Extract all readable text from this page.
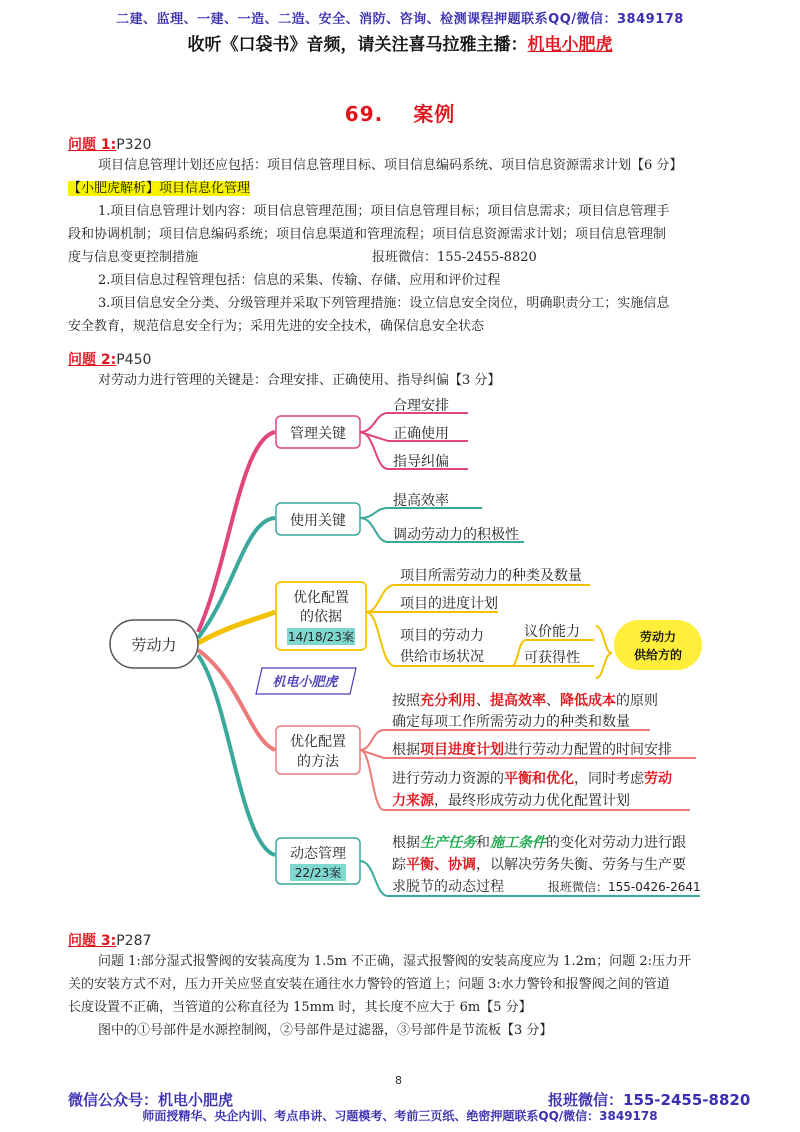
二建、监理、一建、一造、二造、安全、消防、咨询、检测课程押题联系QQ/微信：3849178
收听《口袋书》音频，请关注喜马拉雅主播：机电小肥虎
69. 案例
问题 1:P320
项目信息管理计划还应包括：项目信息管理目标、项目信息编码系统、项目信息资源需求计划【6 分】
【小肥虎解析】项目信息化管理
1.项目信息管理计划内容：项目信息管理范围；项目信息管理目标；项目信息需求；项目信息管理手
段和协调机制；项目信息编码系统；项目信息渠道和管理流程；项目信息资源需求计划；项目信息管理制
度与信息变更控制措施	报班微信：155-2455-8820
2.项目信息过程管理包括：信息的采集、传输、存储、应用和评价过程
3.项目信息安全分类、分级管理并采取下列管理措施：设立信息安全岗位，明确职责分工；实施信息
安全教育，规范信息安全行为；采用先进的安全技术，确保信息安全状态
问题 2:P450
对劳动力进行管理的关键是：合理安排、正确使用、指导纠偏【3 分】
劳动力
管理关键
合理安排
正确使用
指导纠偏
使用关键
提高效率
调动劳动力的积极性
优化配置
的依据
14/18/23案
项目所需劳动力的种类及数量
项目的进度计划
项目的劳动力
供给市场状况
议价能力
可获得性
劳动力
供给方的
机电小肥虎
优化配置
的方法
按照充分利用、提高效率、降低成本的原则
确定每项工作所需劳动力的种类和数量
根据项目进度计划进行劳动力配置的时间安排
进行劳动力资源的平衡和优化，同时考虑劳动
力来源，最终形成劳动力优化配置计划
动态管理
22/23案
根据生产任务和施工条件的变化对劳动力进行跟
踪平衡、协调，以解决劳务失衡、劳务与生产要
求脱节的动态过程	报班微信：155-0426-2641
问题 3:P287
问题 1:部分湿式报警阀的安装高度为 1.5m 不正确，湿式报警阀的安装高度应为 1.2m；问题 2:压力开
关的安装方式不对，压力开关应竖直安装在通往水力警铃的管道上；问题 3:水力警铃和报警阀之间的管道
长度设置不正确，当管道的公称直径为 15mm 时，其长度不应大于 6m【5 分】
图中的①号部件是水源控制阀，②号部件是过滤器，③号部件是节流板【3 分】
8
微信公众号：机电小肥虎	报班微信：155-2455-8820
师面授精华、央企内训、考点串讲、习题模考、考前三页纸、绝密押题联系QQ/微信：3849178
